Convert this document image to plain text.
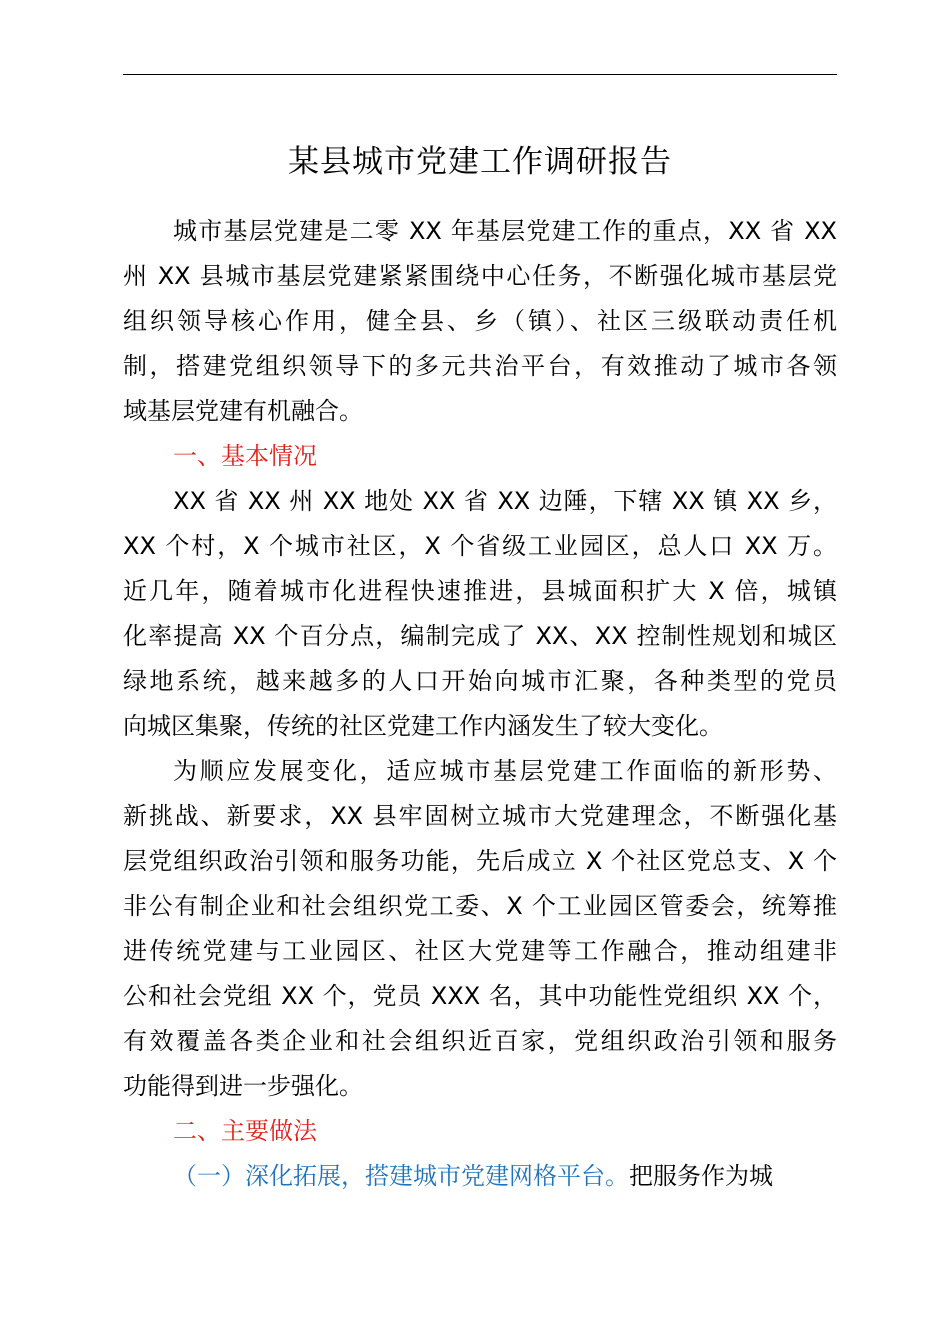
某县城市党建工作调研报告
城市基层党建是二零 XX 年基层党建工作的重点，XX 省 XX
州 XX 县城市基层党建紧紧围绕中心任务，不断强化城市基层党
组织领导核心作用，健全县、乡（镇）、社区三级联动责任机
制，搭建党组织领导下的多元共治平台，有效推动了城市各领
域基层党建有机融合。
一、基本情况
XX 省 XX 州 XX 地处 XX 省 XX 边陲，下辖 XX 镇 XX 乡，
XX 个村，X 个城市社区，X 个省级工业园区，总人口 XX 万。
近几年，随着城市化进程快速推进，县城面积扩大 X 倍，城镇
化率提高 XX 个百分点，编制完成了 XX、XX 控制性规划和城区
绿地系统，越来越多的人口开始向城市汇聚，各种类型的党员
向城区集聚，传统的社区党建工作内涵发生了较大变化。
为顺应发展变化，适应城市基层党建工作面临的新形势、
新挑战、新要求，XX 县牢固树立城市大党建理念，不断强化基
层党组织政治引领和服务功能，先后成立 X 个社区党总支、X 个
非公有制企业和社会组织党工委、X 个工业园区管委会，统筹推
进传统党建与工业园区、社区大党建等工作融合，推动组建非
公和社会党组 XX 个，党员 XXX 名，其中功能性党组织 XX 个，
有效覆盖各类企业和社会组织近百家，党组织政治引领和服务
功能得到进一步强化。
二、主要做法
（一）深化拓展，搭建城市党建网格平台。把服务作为城
